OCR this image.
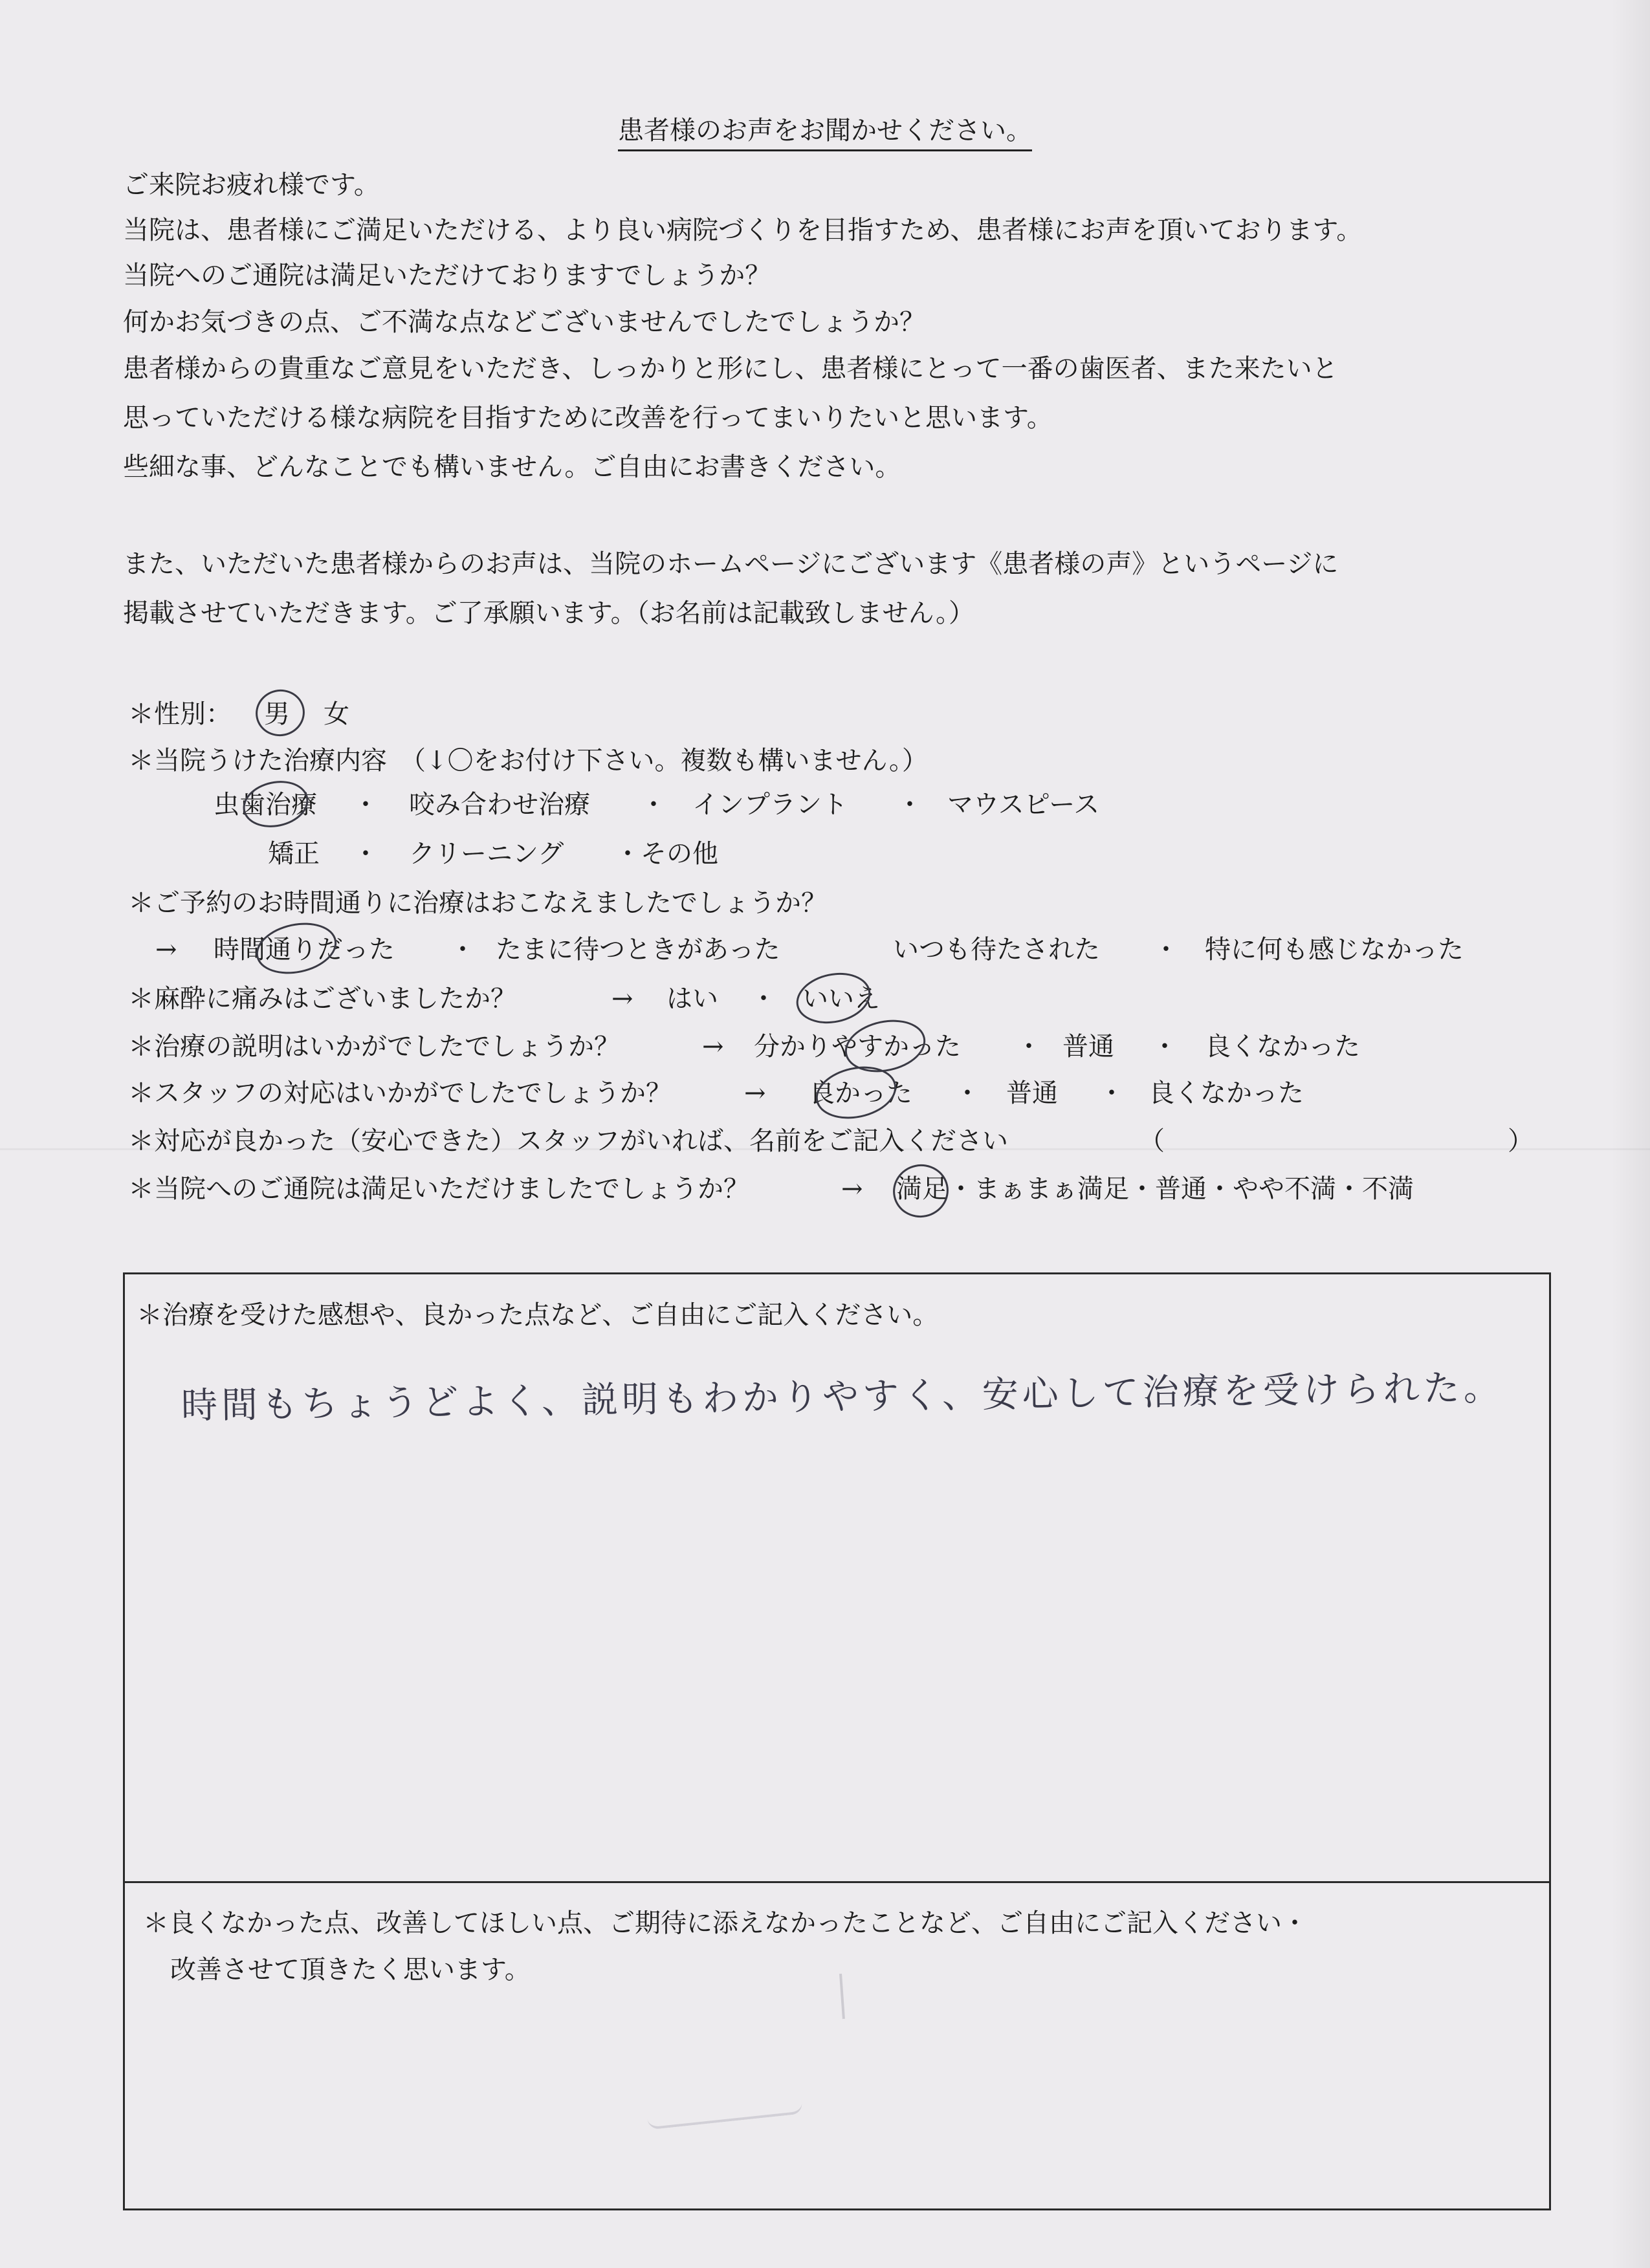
患者様のお声をお聞かせください。
ご来院お疲れ様です。
当院は、患者様にご満足いただける、より良い病院づくりを目指すため、患者様にお声を頂いております。
当院へのご通院は満足いただけておりますでしょうか？
何かお気づきの点、ご不満な点などございませんでしたでしょうか？
患者様からの貴重なご意見をいただき、しっかりと形にし、患者様にとって一番の歯医者、また来たいと
思っていただける様な病院を目指すために改善を行ってまいりたいと思います。
些細な事、どんなことでも構いません。ご自由にお書きください。
また、いただいた患者様からのお声は、当院のホームページにございます《患者様の声》というページに
掲載させていただきます。ご了承願います。（お名前は記載致しません。）
＊性別： 男 女
＊当院うけた治療内容　（↓〇をお付け下さい。複数も構いません。）
虫歯治療 ・ 咬み合わせ治療 ・ インプラント ・ マウスピース
矯正 ・ クリーニング ・その他
＊ご予約のお時間通りに治療はおこなえましたでしょうか？
→ 時間通りだった ・ たまに待つときがあった	いつも待たされた ・ 特に何も感じなかった
＊麻酔に痛みはございましたか？	→ はい ・ いいえ
＊治療の説明はいかがでしたでしょうか？	→ 分かりやすかった ・ 普通 ・ 良くなかった
＊スタッフの対応はいかがでしたでしょうか？	→ 良かった ・ 普通 ・ 良くなかった
＊対応が良かった（安心できた）スタッフがいれば、名前をご記入ください	（	）
＊当院へのご通院は満足いただけましたでしょうか？	→ 満足・まぁまぁ満足・普通・やや不満・不満
＊治療を受けた感想や、良かった点など、ご自由にご記入ください。
＊良くなかった点、改善してほしい点、ご期待に添えなかったことなど、ご自由にご記入ください・
改善させて頂きたく思います。
時間もちょうどよく、説明もわかりやすく、安心して治療を受けられた。
